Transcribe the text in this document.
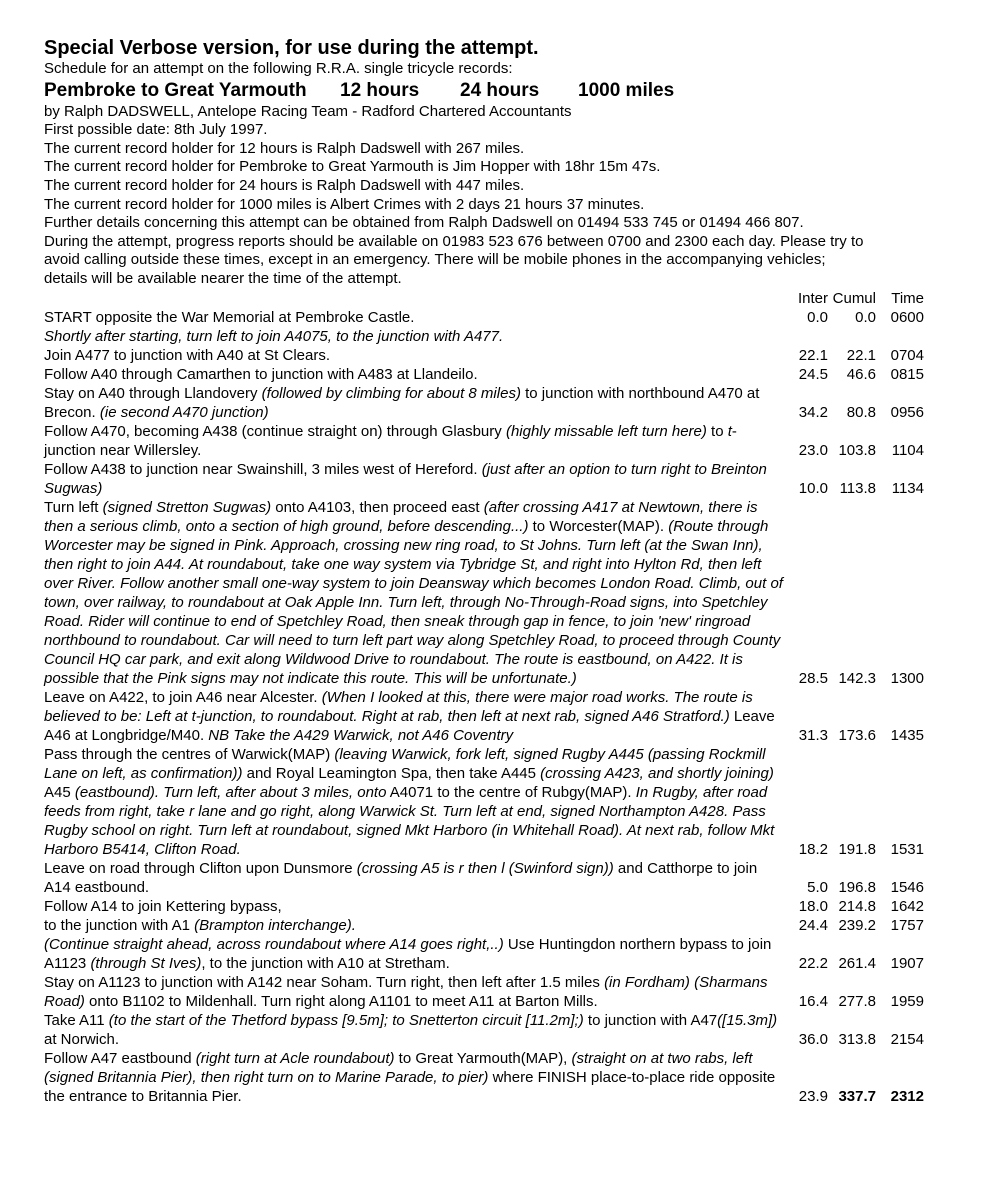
Special Verbose version, for use during the attempt.
Schedule for an attempt on the following R.R.A. single tricycle records:
Pembroke to Great Yarmouth	12 hours	24 hours	1000 miles
by Ralph DADSWELL, Antelope Racing Team - Radford Chartered Accountants
First possible date: 8th July 1997.
The current record holder for 12 hours is Ralph Dadswell with 267 miles.
The current record holder for Pembroke to Great Yarmouth is Jim Hopper with 18hr 15m 47s.
The current record holder for 24 hours is Ralph Dadswell with 447 miles.
The current record holder for 1000 miles is Albert Crimes with 2 days 21 hours 37 minutes.
Further details concerning this attempt can be obtained from Ralph Dadswell on 01494 533 745 or 01494 466 807.
During the attempt, progress reports should be available on 01983 523 676 between 0700 and 2300 each day. Please try to
avoid calling outside these times, except in an emergency. There will be mobile phones in the accompanying vehicles;
details will be available nearer the time of the attempt.
Inter Cumul	Time
START opposite the War Memorial at Pembroke Castle.	0.0	0.0 0600
Shortly after starting, turn left to join A4075, to the junction with A477.
Join A477 to junction with A40 at St Clears.	22.1	22.1 0704
Follow A40 through Camarthen to junction with A483 at Llandeilo.	24.5	46.6 0815
Stay on A40 through Llandovery (followed by climbing for about 8 miles) to junction with northbound A470 at Brecon. (ie second A470 junction)	34.2	80.8 0956
Follow A470, becoming A438 (continue straight on) through Glasbury (highly missable left turn here) to t-junction near Willersley.	23.0 103.8	1104
Follow A438 to junction near Swainshill, 3 miles west of Hereford. (just after an option to turn right to Breinton Sugwas)	10.0 113.8	1134
Turn left (signed Stretton Sugwas) onto A4103, then proceed east (after crossing A417 at Newtown, there is then a serious climb, onto a section of high ground, before descending...) to Worcester(MAP). (Route through Worcester may be signed in Pink. Approach, crossing new ring road, to St Johns. Turn left (at the Swan Inn), then right to join A44. At roundabout, take one way system via Tybridge St, and right into Hylton Rd, then left over River. Follow another small one-way system to join Deansway which becomes London Road. Climb, out of town, over railway, to roundabout at Oak Apple Inn. Turn left, through No-Through-Road signs, into Spetchley Road. Rider will continue to end of Spetchley Road, then sneak through gap in fence, to join 'new' ringroad northbound to roundabout. Car will need to turn left part way along Spetchley Road, to proceed through County Council HQ car park, and exit along Wildwood Drive to roundabout. The route is eastbound, on A422. It is possible that the Pink signs may not indicate this route. This will be unfortunate.)	28.5 142.3 1300
Leave on A422, to join A46 near Alcester. (When I looked at this, there were major road works. The route is believed to be: Left at t-junction, to roundabout. Right at rab, then left at next rab, signed A46 Stratford.) Leave A46 at Longbridge/M40. NB Take the A429 Warwick, not A46 Coventry	31.3 173.6 1435
Pass through the centres of Warwick(MAP) (leaving Warwick, fork left, signed Rugby A445 (passing Rockmill Lane on left, as confirmation)) and Royal Leamington Spa, then take A445 (crossing A423, and shortly joining) A45 (eastbound). Turn left, after about 3 miles, onto A4071 to the centre of Rubgy(MAP). In Rugby, after road feeds from right, take r lane and go right, along Warwick St. Turn left at end, signed Northampton A428. Pass Rugby school on right. Turn left at roundabout, signed Mkt Harboro (in Whitehall Road). At next rab, follow Mkt Harboro B5414, Clifton Road.	18.2 191.8 1531
Leave on road through Clifton upon Dunsmore (crossing A5 is r then l (Swinford sign)) and Catthorpe to join A14 eastbound.	5.0 196.8 1546
Follow A14 to join Kettering bypass,	18.0 214.8 1642
to the junction with A1 (Brampton interchange).	24.4 239.2 1757
(Continue straight ahead, across roundabout where A14 goes right,..) Use Huntingdon northern bypass to join A1123 (through St Ives), to the junction with A10 at Stretham.	22.2 261.4 1907
Stay on A1123 to junction with A142 near Soham. Turn right, then left after 1.5 miles (in Fordham) (Sharmans Road) onto B1102 to Mildenhall. Turn right along A1101 to meet A11 at Barton Mills.	16.4 277.8 1959
Take A11 (to the start of the Thetford bypass [9.5m]; to Snetterton circuit [11.2m];) to junction with A47([15.3m]) at Norwich.	36.0 313.8 2154
Follow A47 eastbound (right turn at Acle roundabout) to Great Yarmouth(MAP), (straight on at two rabs, left (signed Britannia Pier), then right turn on to Marine Parade, to pier) where FINISH place-to-place ride opposite the entrance to Britannia Pier.	23.9 337.7 2312
